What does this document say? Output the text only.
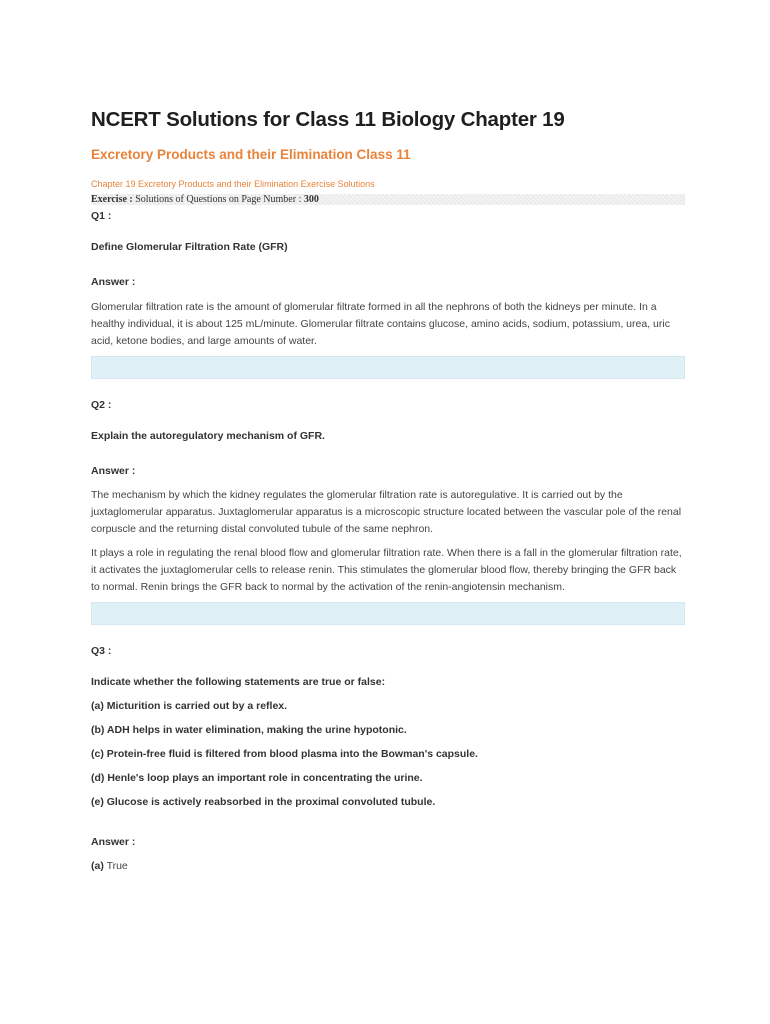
NCERT Solutions for Class 11 Biology Chapter 19
Excretory Products and their Elimination Class 11
Chapter 19 Excretory Products and their Elimination Exercise Solutions
Exercise : Solutions of Questions on Page Number : 300
Q1 :
Define Glomerular Filtration Rate (GFR)
Answer :

Glomerular filtration rate is the amount of glomerular filtrate formed in all the nephrons of both the kidneys per minute. In a healthy individual, it is about 125 mL/minute. Glomerular filtrate contains glucose, amino acids, sodium, potassium, urea, uric acid, ketone bodies, and large amounts of water.

Q2 :
Explain the autoregulatory mechanism of GFR.
Answer :

The mechanism by which the kidney regulates the glomerular filtration rate is autoregulative. It is carried out by the juxtaglomerular apparatus. Juxtaglomerular apparatus is a microscopic structure located between the vascular pole of the renal corpuscle and the returning distal convoluted tubule of the same nephron.

It plays a role in regulating the renal blood flow and glomerular filtration rate. When there is a fall in the glomerular filtration rate, it activates the juxtaglomerular cells to release renin. This stimulates the glomerular blood flow, thereby bringing the GFR back to normal. Renin brings the GFR back to normal by the activation of the renin-angiotensin mechanism.

Q3 :
Indicate whether the following statements are true or false:
(a) Micturition is carried out by a reflex.
(b) ADH helps in water elimination, making the urine hypotonic.
(c) Protein-free fluid is filtered from blood plasma into the Bowman's capsule.
(d) Henle's loop plays an important role in concentrating the urine.
(e) Glucose is actively reabsorbed in the proximal convoluted tubule.
Answer :
(a) True
